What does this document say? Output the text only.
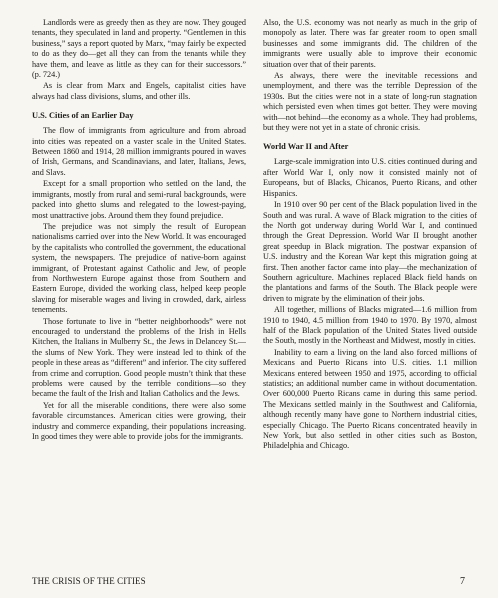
Landlords were as greedy then as they are now. They gouged tenants, they speculated in land and property. “Gentlemen in this business,” says a report quoted by Marx, “may fairly be expected to do as they do—get all they can from the tenants while they have them, and leave as little as they can for their successors.” (p. 724.)

As is clear from Marx and Engels, capitalist cities have always had class divisions, slums, and other ills.

U.S. Cities of an Earlier Day

The flow of immigrants from agriculture and from abroad into cities was repeated on a vaster scale in the United States. Between 1860 and 1914, 28 million immigrants poured in waves of Irish, Germans, and Scandinavians, and later, Italians, Jews, and Slavs.

Except for a small proportion who settled on the land, the immigrants, mostly from rural and semi-rural backgrounds, were packed into ghetto slums and relegated to the lowest-paying, most unattractive jobs. Around them they found prejudice.

The prejudice was not simply the result of European nationalisms carried over into the New World. It was encouraged by the capitalists who controlled the government, the educational system, the newspapers. The prejudice of native-born against immigrant, of Protestant against Catholic and Jew, of people from Northwestern Europe against those from Southern and Eastern Europe, divided the working class, helped keep people slaving for miserable wages and living in crowded, dark, airless tenements.

Those fortunate to live in “better neighborhoods” were not encouraged to understand the problems of the Irish in Hells Kitchen, the Italians in Mulberry St., the Jews in Delancey St.—the slums of New York. They were instead led to think of the people in these areas as “different” and inferior. The city suffered from crime and corruption. Good people mustn’t think that these problems were caused by the terrible conditions—so they became the fault of the Irish and Italian Catholics and the Jews.

Yet for all the miserable conditions, there were also some favorable circumstances. American cities were growing, their industry and commerce expanding, their populations increasing. In good times they were able to provide jobs for the immigrants.

Also, the U.S. economy was not nearly as much in the grip of monopoly as later. There was far greater room to open small businesses and some immigrants did. The children of the immigrants were usually able to improve their economic situation over that of their parents.

As always, there were the inevitable recessions and unemployment, and there was the terrible Depression of the 1930s. But the cities were not in a state of long-run stagnation which persisted even when times got better. They were moving with—not behind—the economy as a whole. They had problems, but they were not yet in a state of chronic crisis.

World War II and After

Large-scale immigration into U.S. cities continued during and after World War I, only now it consisted mainly not of Europeans, but of Blacks, Chicanos, Puerto Ricans, and other Hispanics.

In 1910 over 90 per cent of the Black population lived in the South and was rural. A wave of Black migration to the cities of the North got underway during World War I, and continued through the Great Depression. World War II brought another great speedup in Black migration. The postwar expansion of U.S. industry and the Korean War kept this migration going at first. Then another factor came into play—the mechanization of Southern agriculture. Machines replaced Black field hands on the plantations and farms of the South. The Black people were driven to migrate by the elimination of their jobs.

All together, millions of Blacks migrated—1.6 million from 1910 to 1940, 4.5 million from 1940 to 1970. By 1970, almost half of the Black population of the United States lived outside the South, mostly in the Northeast and Midwest, mostly in cities.

Inability to earn a living on the land also forced millions of Mexicans and Puerto Ricans into U.S. cities. 1.1 million Mexicans entered between 1950 and 1975, according to official statistics; an additional number came in without documentation. Over 600,000 Puerto Ricans came in during this same period. The Mexicans settled mainly in the Southwest and California, although recently many have gone to Northern industrial cities, especially Chicago. The Puerto Ricans concentrated heavily in New York, but also settled in other cities such as Boston, Philadelphia and Chicago.

THE CRISIS OF THE CITIES	7
